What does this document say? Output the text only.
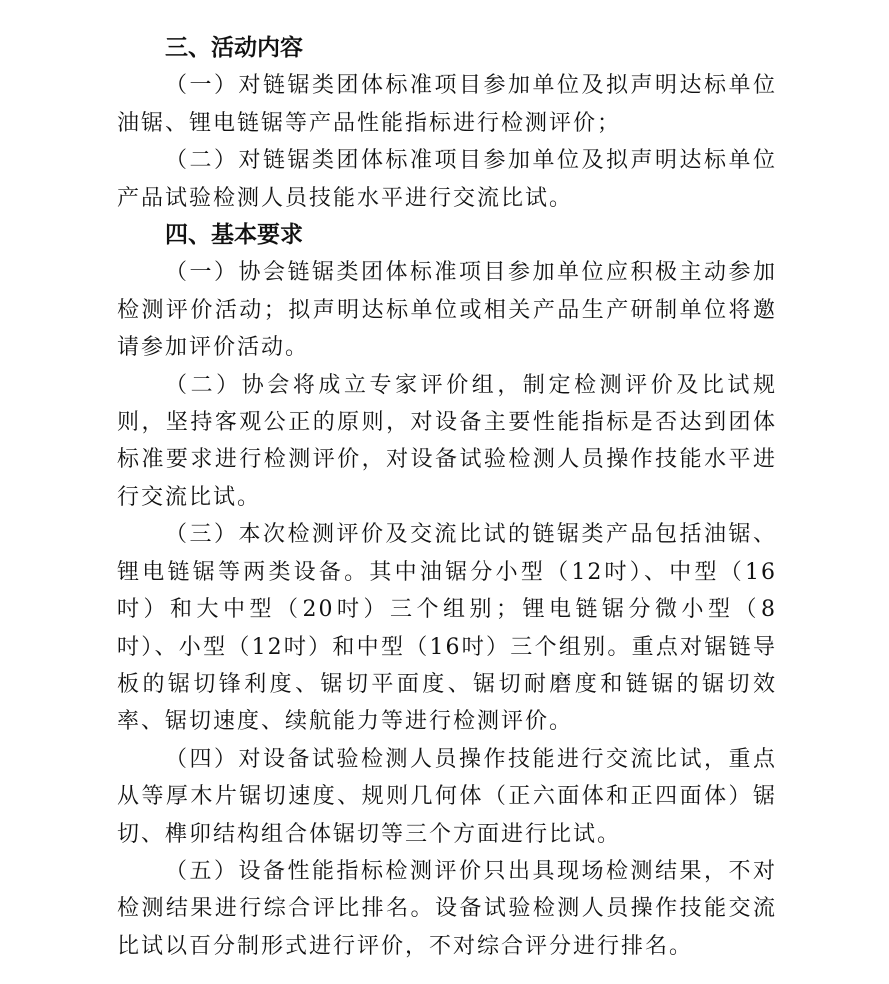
三、活动内容

（一）对链锯类团体标准项目参加单位及拟声明达标单位油锯、锂电链锯等产品性能指标进行检测评价；

（二）对链锯类团体标准项目参加单位及拟声明达标单位产品试验检测人员技能水平进行交流比试。

四、基本要求

（一）协会链锯类团体标准项目参加单位应积极主动参加检测评价活动；拟声明达标单位或相关产品生产研制单位将邀请参加评价活动。

（二）协会将成立专家评价组，制定检测评价及比试规则，坚持客观公正的原则，对设备主要性能指标是否达到团体标准要求进行检测评价，对设备试验检测人员操作技能水平进行交流比试。

（三）本次检测评价及交流比试的链锯类产品包括油锯、锂电链锯等两类设备。其中油锯分小型（12吋）、中型（16吋）和大中型（20吋）三个组别；锂电链锯分微小型（8吋）、小型（12吋）和中型（16吋）三个组别。重点对锯链导板的锯切锋利度、锯切平面度、锯切耐磨度和链锯的锯切效率、锯切速度、续航能力等进行检测评价。

（四）对设备试验检测人员操作技能进行交流比试，重点从等厚木片锯切速度、规则几何体（正六面体和正四面体）锯切、榫卯结构组合体锯切等三个方面进行比试。

（五）设备性能指标检测评价只出具现场检测结果，不对检测结果进行综合评比排名。设备试验检测人员操作技能交流比试以百分制形式进行评价，不对综合评分进行排名。
